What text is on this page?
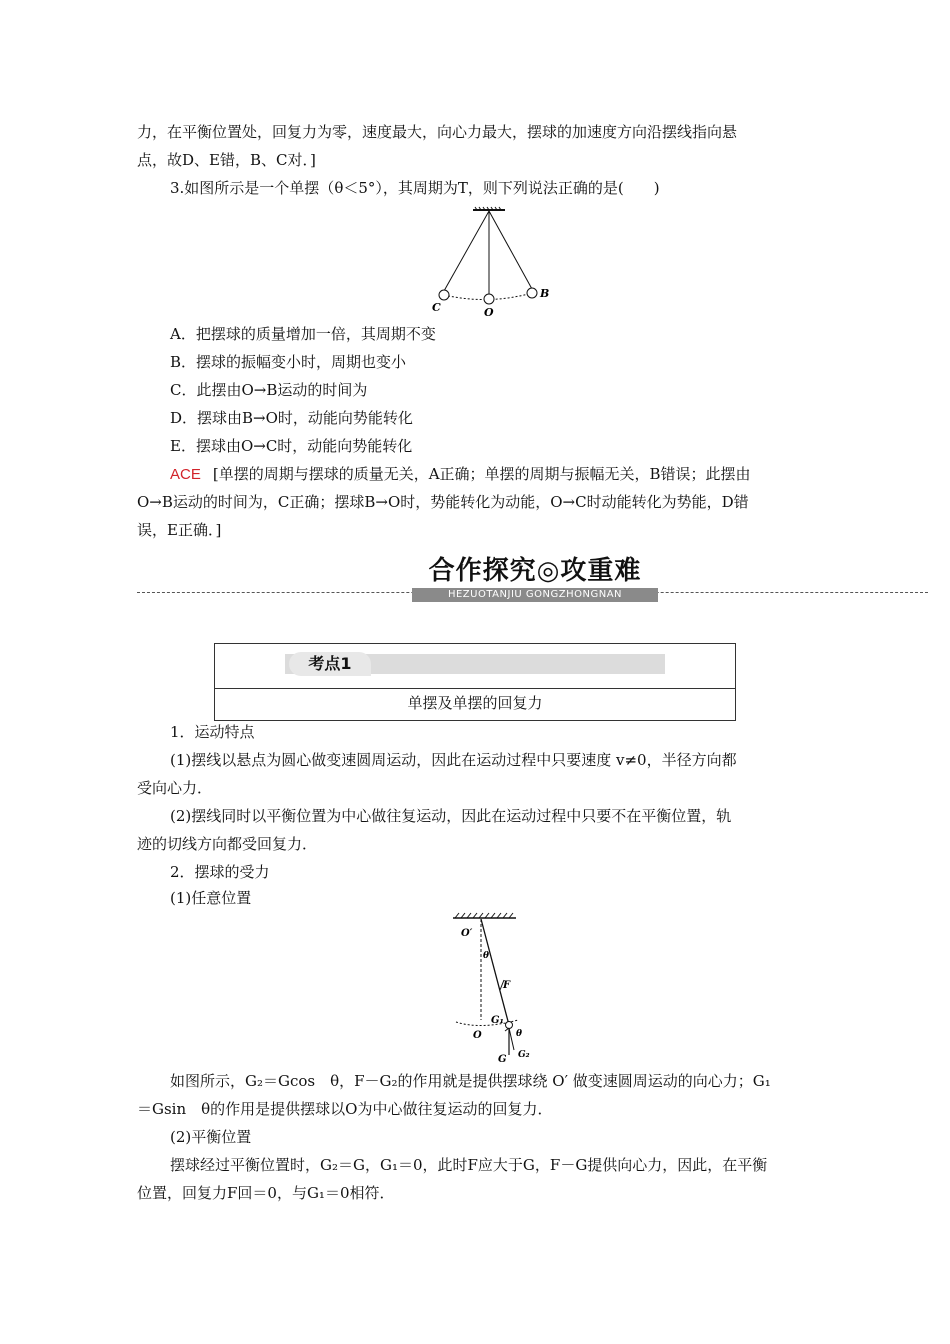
力，在平衡位置处，回复力为零，速度最大，向心力最大，摆球的加速度方向沿摆线指向悬
点，故D、E错，B、C对．]
3.如图所示是一个单摆（θ＜5°），其周期为T，则下列说法正确的是(　　)
C	O
B
A．把摆球的质量增加一倍，其周期不变
B．摆球的振幅变小时，周期也变小
C．此摆由O→B运动的时间为
D．摆球由B→O时，动能向势能转化
E．摆球由O→C时，动能向势能转化
ACE [单摆的周期与摆球的质量无关，A正确；单摆的周期与振幅无关，B错误；此摆由
O→B运动的时间为，C正确；摆球B→O时，势能转化为动能，O→C时动能转化为势能，D错
误，E正确．]
合作探究◎攻重难
HEZUOTANJIU GONGZHONGNAN
考点1
单摆及单摆的回复力
1．运动特点
(1)摆线以悬点为圆心做变速圆周运动，因此在运动过程中只要速度 v≠0，半径方向都
受向心力．
(2)摆线同时以平衡位置为中心做往复运动，因此在运动过程中只要不在平衡位置，轨
迹的切线方向都受回复力．
2．摆球的受力
(1)任意位置
O′
θ
F
G₁
θ
O
G G₂
如图所示，G₂＝Gcos　θ，F－G₂的作用就是提供摆球绕 O′ 做变速圆周运动的向心力；G₁
＝Gsin　θ的作用是提供摆球以O为中心做往复运动的回复力．
(2)平衡位置
摆球经过平衡位置时，G₂＝G，G₁＝0，此时F应大于G，F－G提供向心力，因此，在平衡
位置，回复力F回＝0，与G₁＝0相符．
